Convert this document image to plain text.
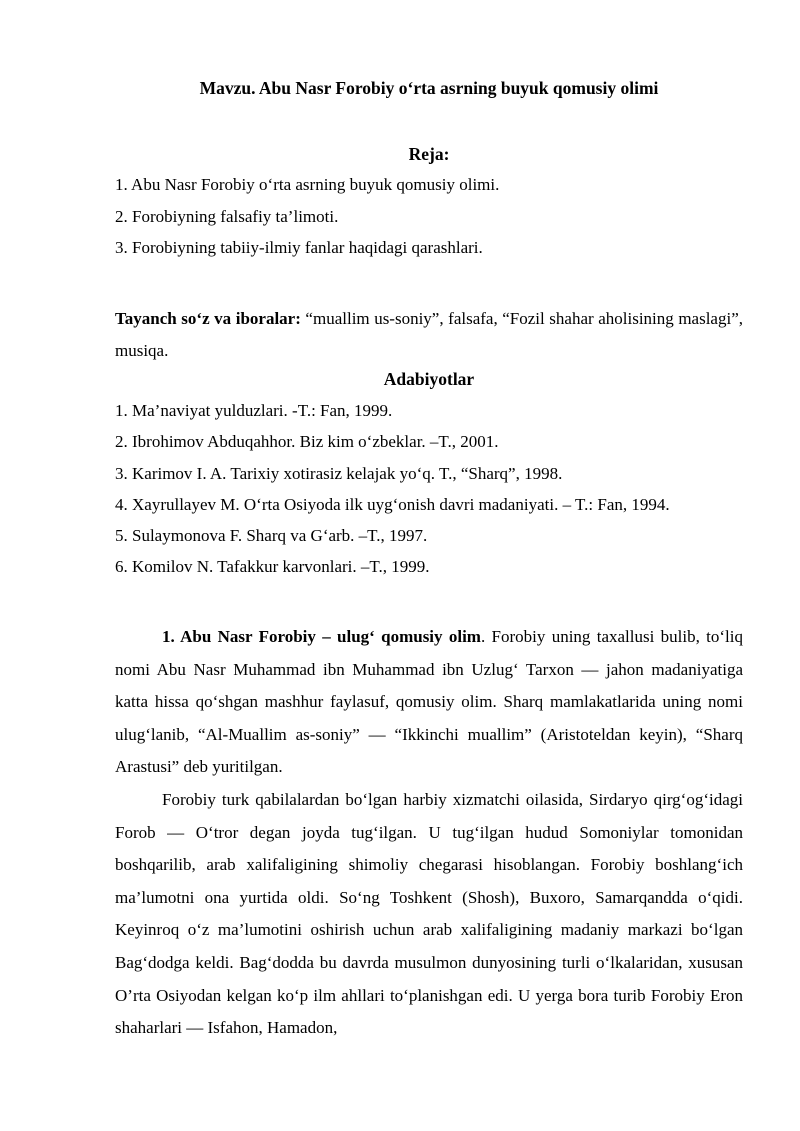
Mavzu. Abu Nasr Forobiy o‘rta asrning buyuk qomusiy olimi
Reja:

1. Abu Nasr Forobiy o‘rta asrning buyuk qomusiy olimi.

2. Forobiyning falsafiy ta’limoti.

3. Forobiyning tabiiy-ilmiy fanlar haqidagi qarashlari.

Tayanch so‘z va iboralar: “muallim us-soniy”, falsafa, “Fozil shahar aholisining maslagi”, musiqa.

Adabiyotlar

1. Ma’naviyat yulduzlari. -T.: Fan, 1999.

2. Ibrohimov Abduqahhor. Biz kim o‘zbeklar. –T., 2001.

3. Karimov I. A. Tarixiy xotirasiz kelajak yo‘q. T., “Sharq”, 1998.

4. Xayrullayev M. O‘rta Osiyoda ilk uyg‘onish davri madaniyati. – T.: Fan, 1994.

5. Sulaymonova F. Sharq va G‘arb. –T., 1997.

6. Komilov N. Tafakkur karvonlari. –T., 1999.

1. Abu Nasr Forobiy – ulug‘ qomusiy olim. Forobiy uning taxallusi bulib, to‘liq nomi Abu Nasr Muhammad ibn Muhammad ibn Uzlug‘ Tarxon — jahon madaniyatiga katta hissa qo‘shgan mashhur faylasuf, qomusiy olim. Sharq mamlakatlarida uning nomi ulug‘lanib, “Al-Muallim as-soniy” — “Ikkinchi muallim” (Aristoteldan keyin), “Sharq Arastusi” deb yuritilgan.

Forobiy turk qabilalardan bo‘lgan harbiy xizmatchi oilasida, Sirdaryo qirg‘og‘idagi Forob — O‘tror degan joyda tug‘ilgan. U tug‘ilgan hudud Somoniylar tomonidan boshqarilib, arab xalifaligining shimoliy chegarasi hisoblangan. Forobiy boshlang‘ich ma’lumotni ona yurtida oldi. So‘ng Toshkent (Shosh), Buxoro, Samarqandda o‘qidi. Keyinroq o‘z ma’lumotini oshirish uchun arab xalifaligining madaniy markazi bo‘lgan Bag‘dodga keldi. Bag‘dodda bu davrda musulmon dunyosining turli o‘lkalaridan, xususan O’rta Osiyodan kelgan ko‘p ilm ahllari to‘planishgan edi. U yerga bora turib Forobiy Eron shaharlari — Isfahon, Hamadon,
